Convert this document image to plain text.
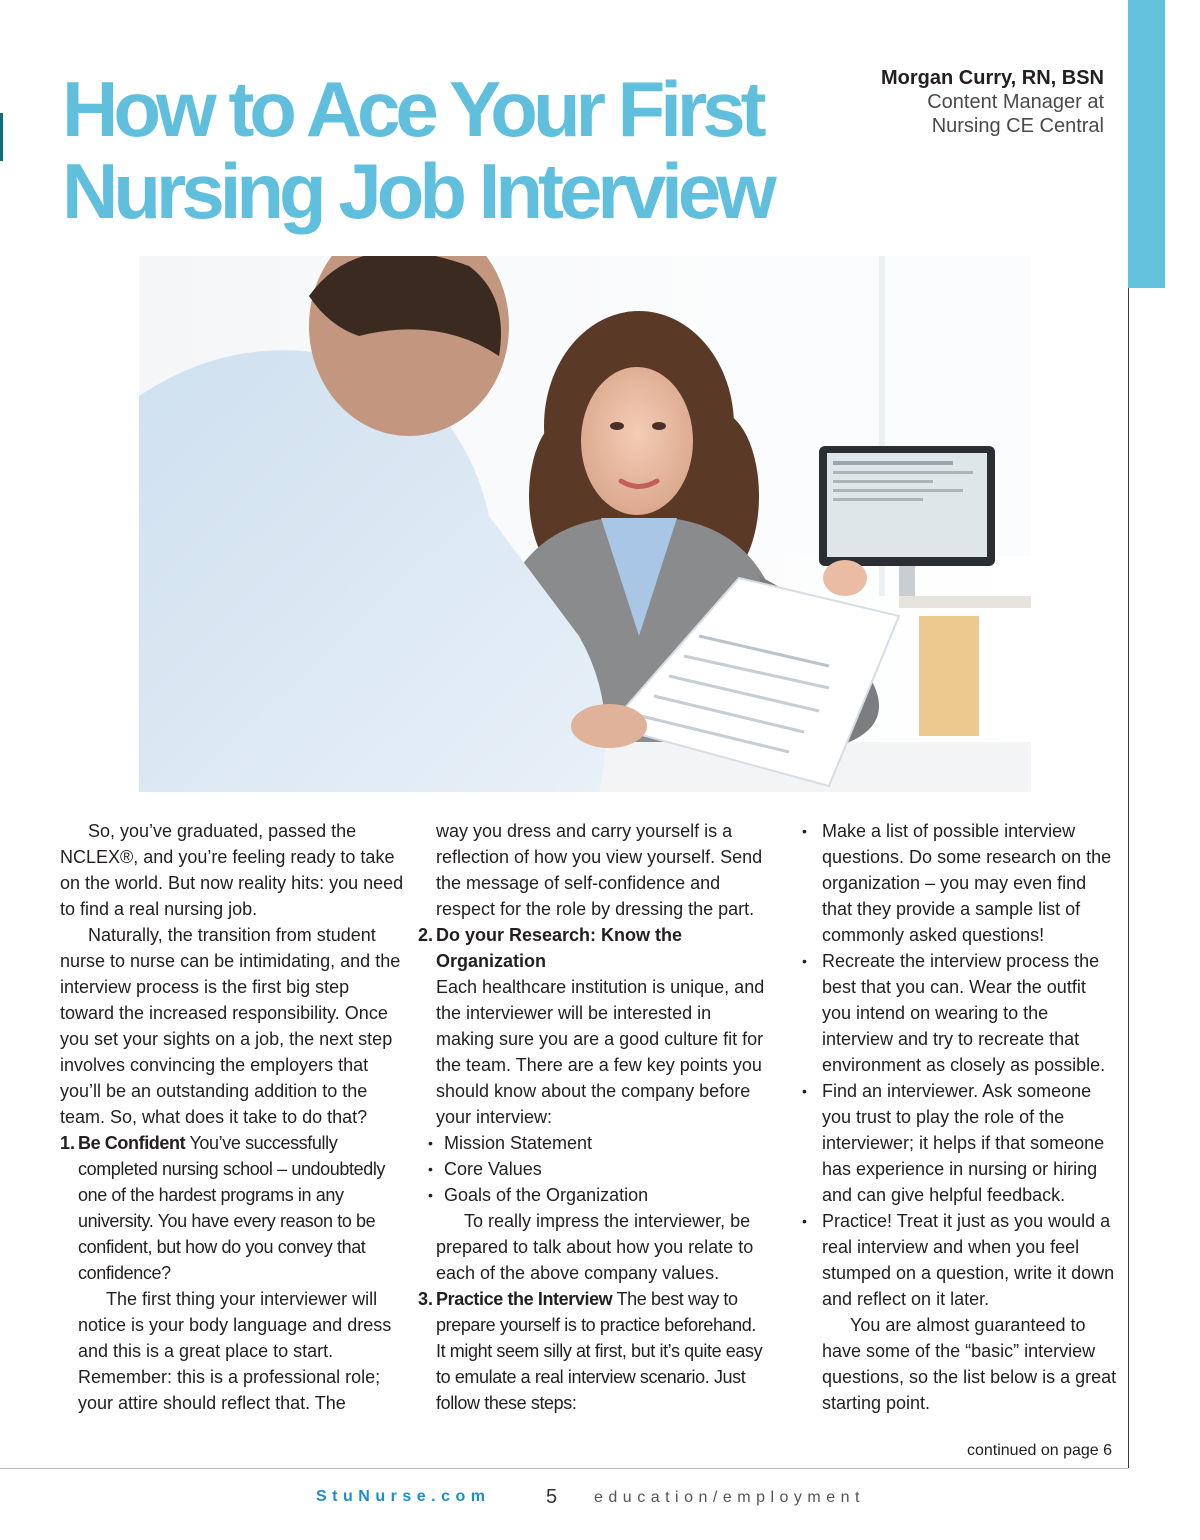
How to Ace Your First
Nursing Job Interview
Morgan Curry, RN, BSN
Content Manager at
Nursing CE Central

So, you’ve graduated, passed the NCLEX®, and you’re feeling ready to take on the world. But now reality hits: you need to find a real nursing job.

Naturally, the transition from student nurse to nurse can be intimidating, and the interview process is the first big step toward the increased responsibility. Once you set your sights on a job, the next step involves convincing the employers that you’ll be an outstanding addition to the team. So, what does it take to do that?

1. Be Confident You’ve successfully completed nursing school – undoubtedly one of the hardest programs in any university. You have every reason to be confident, but how do you convey that confidence?

The first thing your interviewer will notice is your body language and dress and this is a great place to start. Remember: this is a professional role; your attire should reflect that. The

way you dress and carry yourself is a reflection of how you view yourself. Send the message of self-confidence and respect for the role by dressing the part.

2. Do your Research: Know the Organization

Each healthcare institution is unique, and the interviewer will be interested in making sure you are a good culture fit for the team. There are a few key points you should know about the company before your interview:

• Mission Statement
• Core Values
• Goals of the Organization

To really impress the interviewer, be prepared to talk about how you relate to each of the above company values.

3. Practice the Interview The best way to prepare yourself is to practice beforehand. It might seem silly at first, but it’s quite easy to emulate a real interview scenario. Just follow these steps:
• Make a list of possible interview questions. Do some research on the organization – you may even find that they provide a sample list of commonly asked questions!
• Recreate the interview process the best that you can. Wear the outfit you intend on wearing to the interview and try to recreate that environment as closely as possible.
• Find an interviewer. Ask someone you trust to play the role of the interviewer; it helps if that someone has experience in nursing or hiring and can give helpful feedback.
• Practice! Treat it just as you would a real interview and when you feel stumped on a question, write it down and reflect on it later.

You are almost guaranteed to have some of the “basic” interview questions, so the list below is a great starting point.

continued on page 6
StuNurse.com	5 education/employment
